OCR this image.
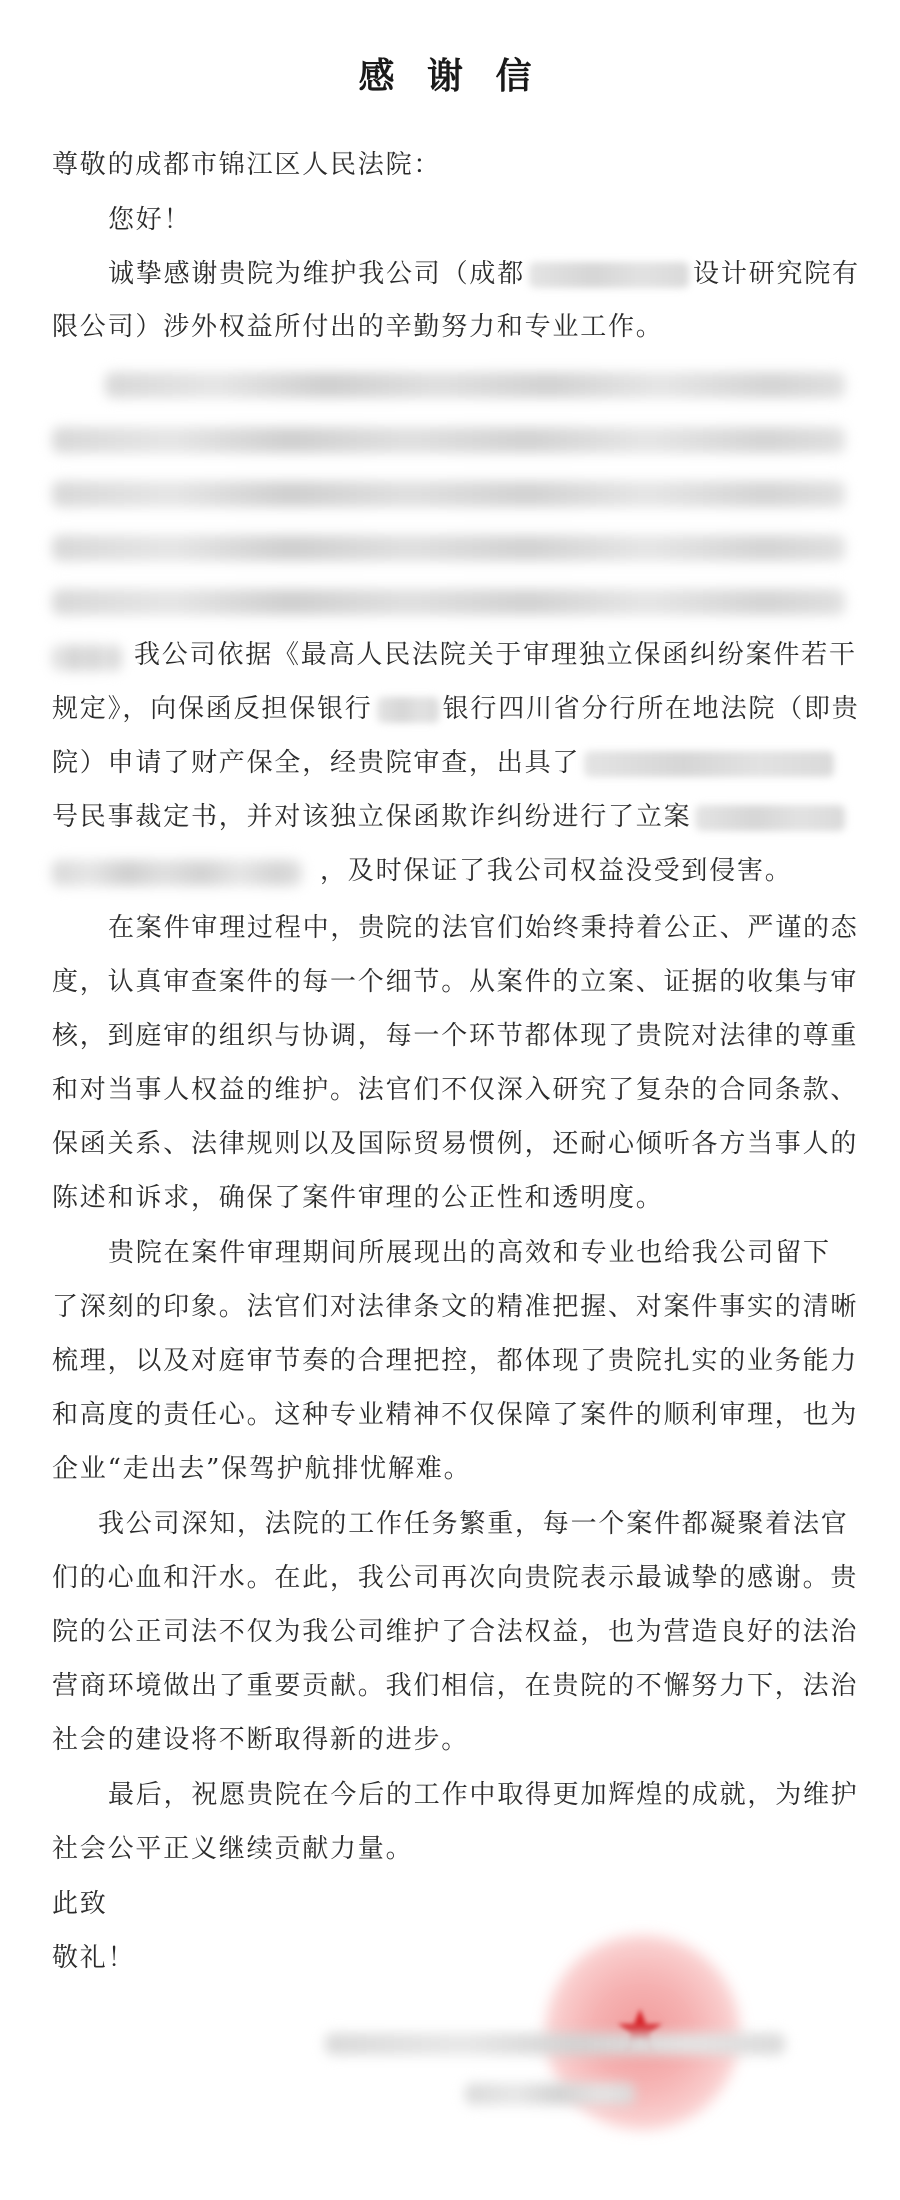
感 谢 信
尊敬的成都市锦江区人民法院：
您好！
诚挚感谢贵院为维护我公司（成都	设计研究院有
限公司）涉外权益所付出的辛勤努力和专业工作。
我公司依据《最高人民法院关于审理独立保函纠纷案件若干
规定》，向保函反担保银行	银行四川省分行所在地法院（即贵
院）申请了财产保全，经贵院审查，出具了
号民事裁定书，并对该独立保函欺诈纠纷进行了立案
，及时保证了我公司权益没受到侵害。
在案件审理过程中，贵院的法官们始终秉持着公正、严谨的态
度，认真审查案件的每一个细节。从案件的立案、证据的收集与审
核，到庭审的组织与协调，每一个环节都体现了贵院对法律的尊重
和对当事人权益的维护。法官们不仅深入研究了复杂的合同条款、
保函关系、法律规则以及国际贸易惯例，还耐心倾听各方当事人的
陈述和诉求，确保了案件审理的公正性和透明度。
贵院在案件审理期间所展现出的高效和专业也给我公司留下
了深刻的印象。法官们对法律条文的精准把握、对案件事实的清晰
梳理，以及对庭审节奏的合理把控，都体现了贵院扎实的业务能力
和高度的责任心。这种专业精神不仅保障了案件的顺利审理，也为
企业“走出去”保驾护航排忧解难。
我公司深知，法院的工作任务繁重，每一个案件都凝聚着法官
们的心血和汗水。在此，我公司再次向贵院表示最诚挚的感谢。贵
院的公正司法不仅为我公司维护了合法权益，也为营造良好的法治
营商环境做出了重要贡献。我们相信，在贵院的不懈努力下，法治
社会的建设将不断取得新的进步。
最后，祝愿贵院在今后的工作中取得更加辉煌的成就，为维护
社会公平正义继续贡献力量。
此致
敬礼！
